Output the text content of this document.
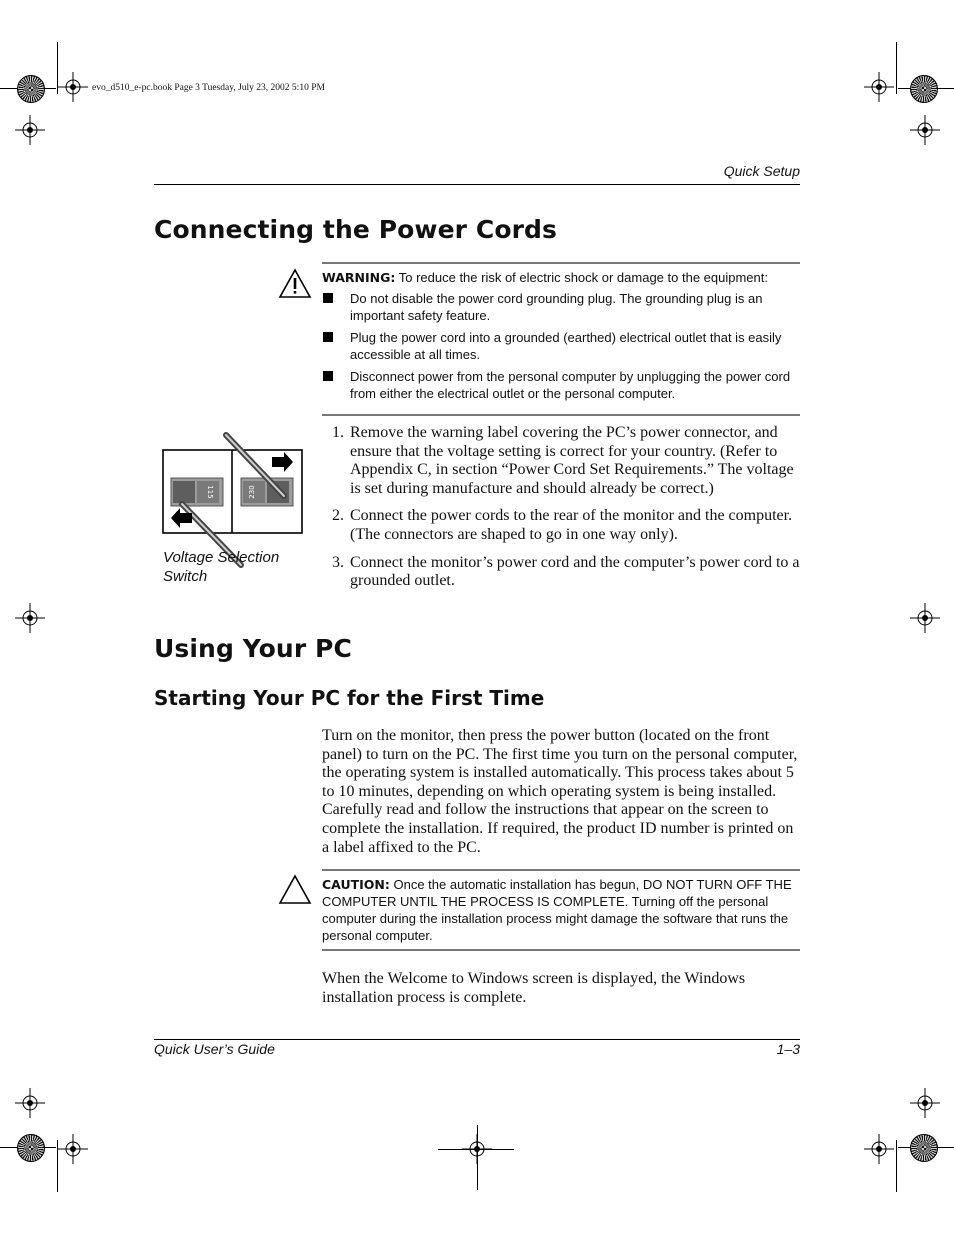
evo_d510_e-pc.book Page 3 Tuesday, July 23, 2002 5:10 PM
Quick Setup
Connecting the Power Cords
WARNING: To reduce the risk of electric shock or damage to the equipment:
Do not disable the power cord grounding plug. The grounding plug is an important safety feature.
Plug the power cord into a grounded (earthed) electrical outlet that is easily accessible at all times.
Disconnect power from the personal computer by unplugging the power cord from either the electrical outlet or the personal computer.
115	230
Voltage Selection Switch
1. Remove the warning label covering the PC’s power connector, and ensure that the voltage setting is correct for your country. (Refer to Appendix C, in section “Power Cord Set Requirements.” The voltage is set during manufacture and should already be correct.)
2. Connect the power cords to the rear of the monitor and the computer. (The connectors are shaped to go in one way only).
3. Connect the monitor’s power cord and the computer’s power cord to a grounded outlet.
Using Your PC
Starting Your PC for the First Time
Turn on the monitor, then press the power button (located on the front panel) to turn on the PC. The first time you turn on the personal computer, the operating system is installed automatically. This process takes about 5 to 10 minutes, depending on which operating system is being installed. Carefully read and follow the instructions that appear on the screen to complete the installation. If required, the product ID number is printed on a label affixed to the PC.
CAUTION: Once the automatic installation has begun, DO NOT TURN OFF THE COMPUTER UNTIL THE PROCESS IS COMPLETE. Turning off the personal computer during the installation process might damage the software that runs the personal computer.
When the Welcome to Windows screen is displayed, the Windows installation process is complete.
Quick User’s Guide	1–3
